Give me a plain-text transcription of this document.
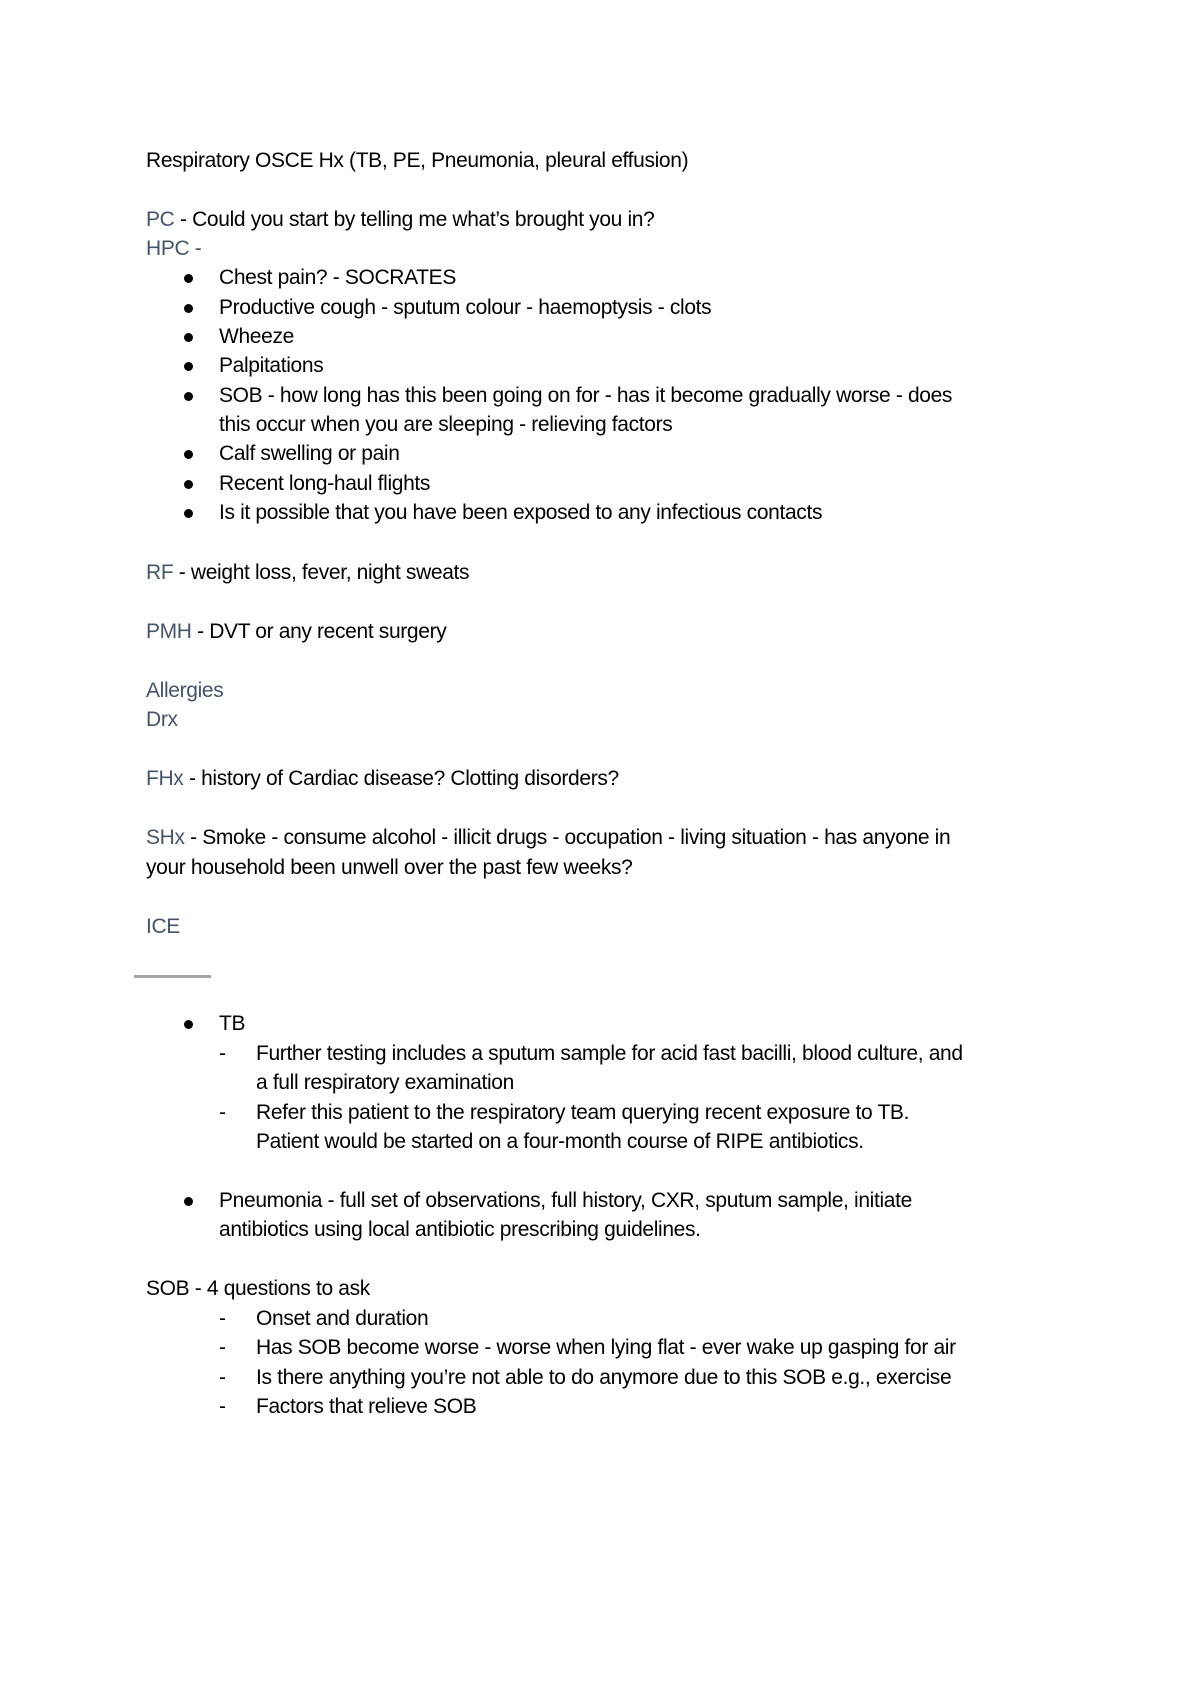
Respiratory OSCE Hx (TB, PE, Pneumonia, pleural effusion)
PC - Could you start by telling me what’s brought you in?
HPC -
Chest pain? - SOCRATES
Productive cough - sputum colour - haemoptysis - clots
Wheeze
Palpitations
SOB - how long has this been going on for - has it become gradually worse - does
this occur when you are sleeping - relieving factors
Calf swelling or pain
Recent long-haul flights
Is it possible that you have been exposed to any infectious contacts
RF - weight loss, fever, night sweats
PMH - DVT or any recent surgery
Allergies
Drx
FHx - history of Cardiac disease? Clotting disorders?
SHx - Smoke - consume alcohol - illicit drugs - occupation - living situation - has anyone in
your household been unwell over the past few weeks?
ICE
TB
- Further testing includes a sputum sample for acid fast bacilli, blood culture, and
a full respiratory examination
- Refer this patient to the respiratory team querying recent exposure to TB.
Patient would be started on a four-month course of RIPE antibiotics.
Pneumonia - full set of observations, full history, CXR, sputum sample, initiate
antibiotics using local antibiotic prescribing guidelines.
SOB - 4 questions to ask
- Onset and duration
- Has SOB become worse - worse when lying flat - ever wake up gasping for air
- Is there anything you’re not able to do anymore due to this SOB e.g., exercise
- Factors that relieve SOB
